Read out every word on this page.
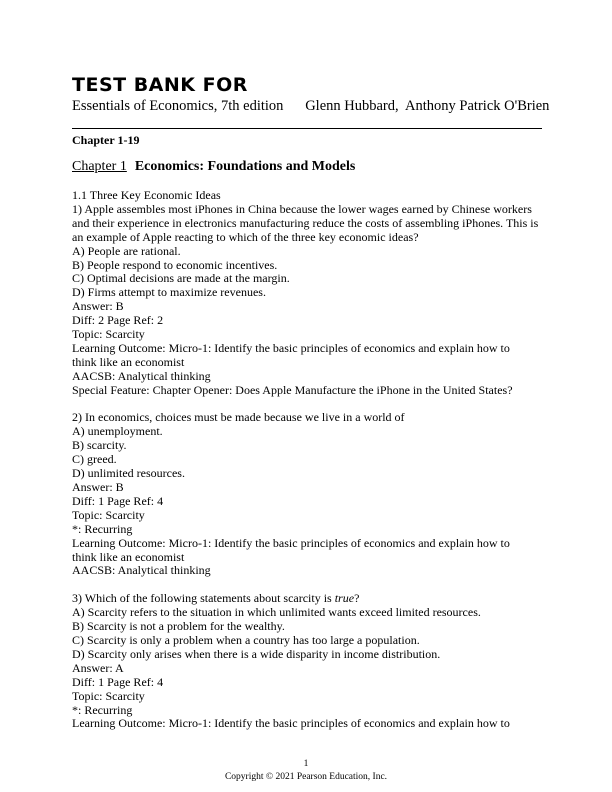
TEST BANK FOR
Essentials of Economics, 7th edition Glenn Hubbard,  Anthony Patrick O'Brien
Chapter 1-19
Chapter 1 Economics: Foundations and Models
1.1 Three Key Economic Ideas
1) Apple assembles most iPhones in China because the lower wages earned by Chinese workers
and their experience in electronics manufacturing reduce the costs of assembling iPhones. This is
an example of Apple reacting to which of the three key economic ideas?
A) People are rational.
B) People respond to economic incentives.
C) Optimal decisions are made at the margin.
D) Firms attempt to maximize revenues.
Answer: B
Diff: 2 Page Ref: 2
Topic: Scarcity
Learning Outcome: Micro-1: Identify the basic principles of economics and explain how to
think like an economist
AACSB: Analytical thinking
Special Feature: Chapter Opener: Does Apple Manufacture the iPhone in the United States?
2) In economics, choices must be made because we live in a world of
A) unemployment.
B) scarcity.
C) greed.
D) unlimited resources.
Answer: B
Diff: 1 Page Ref: 4
Topic: Scarcity
*: Recurring
Learning Outcome: Micro-1: Identify the basic principles of economics and explain how to
think like an economist
AACSB: Analytical thinking
3) Which of the following statements about scarcity is true?
A) Scarcity refers to the situation in which unlimited wants exceed limited resources.
B) Scarcity is not a problem for the wealthy.
C) Scarcity is only a problem when a country has too large a population.
D) Scarcity only arises when there is a wide disparity in income distribution.
Answer: A
Diff: 1 Page Ref: 4
Topic: Scarcity
*: Recurring
Learning Outcome: Micro-1: Identify the basic principles of economics and explain how to
1
Copyright © 2021 Pearson Education, Inc.
